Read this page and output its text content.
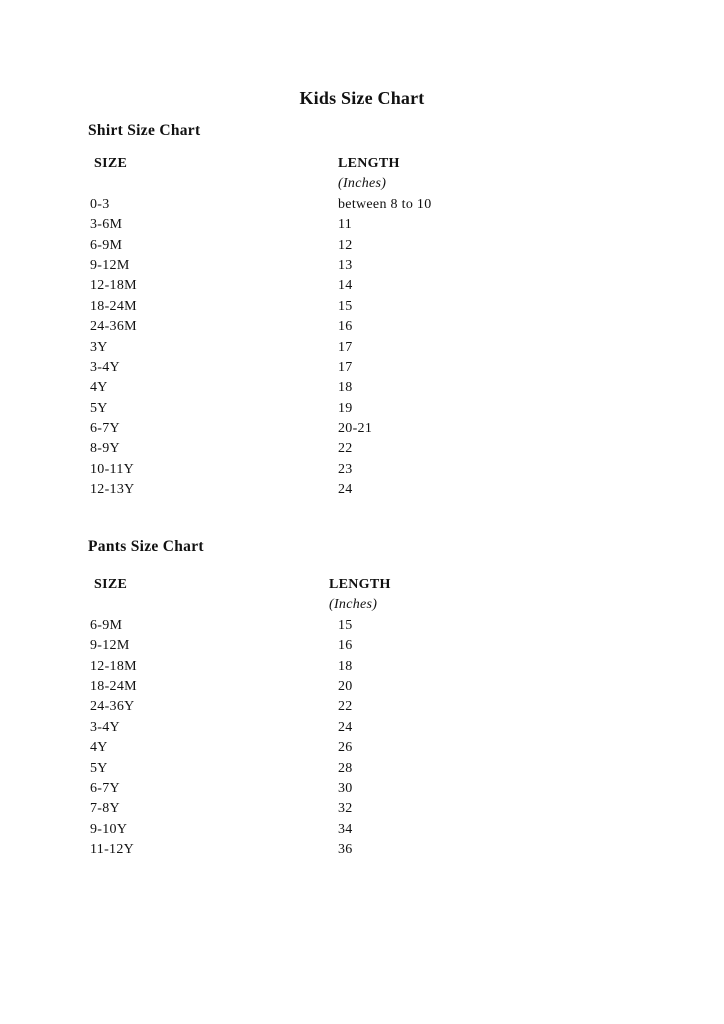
Kids Size Chart
Shirt Size Chart
SIZE	LENGTH
(Inches)
0-3	between 8 to 10
3-6M	11
6-9M	12
9-12M	13
12-18M	14
18-24M	15
24-36M	16
3Y	17
3-4Y	17
4Y	18
5Y	19
6-7Y	20-21
8-9Y	22
10-11Y	23
12-13Y	24
Pants Size Chart
SIZE	LENGTH
(Inches)
6-9M	15
9-12M	16
12-18M	18
18-24M	20
24-36Y	22
3-4Y	24
4Y	26
5Y	28
6-7Y	30
7-8Y	32
9-10Y	34
11-12Y	36
